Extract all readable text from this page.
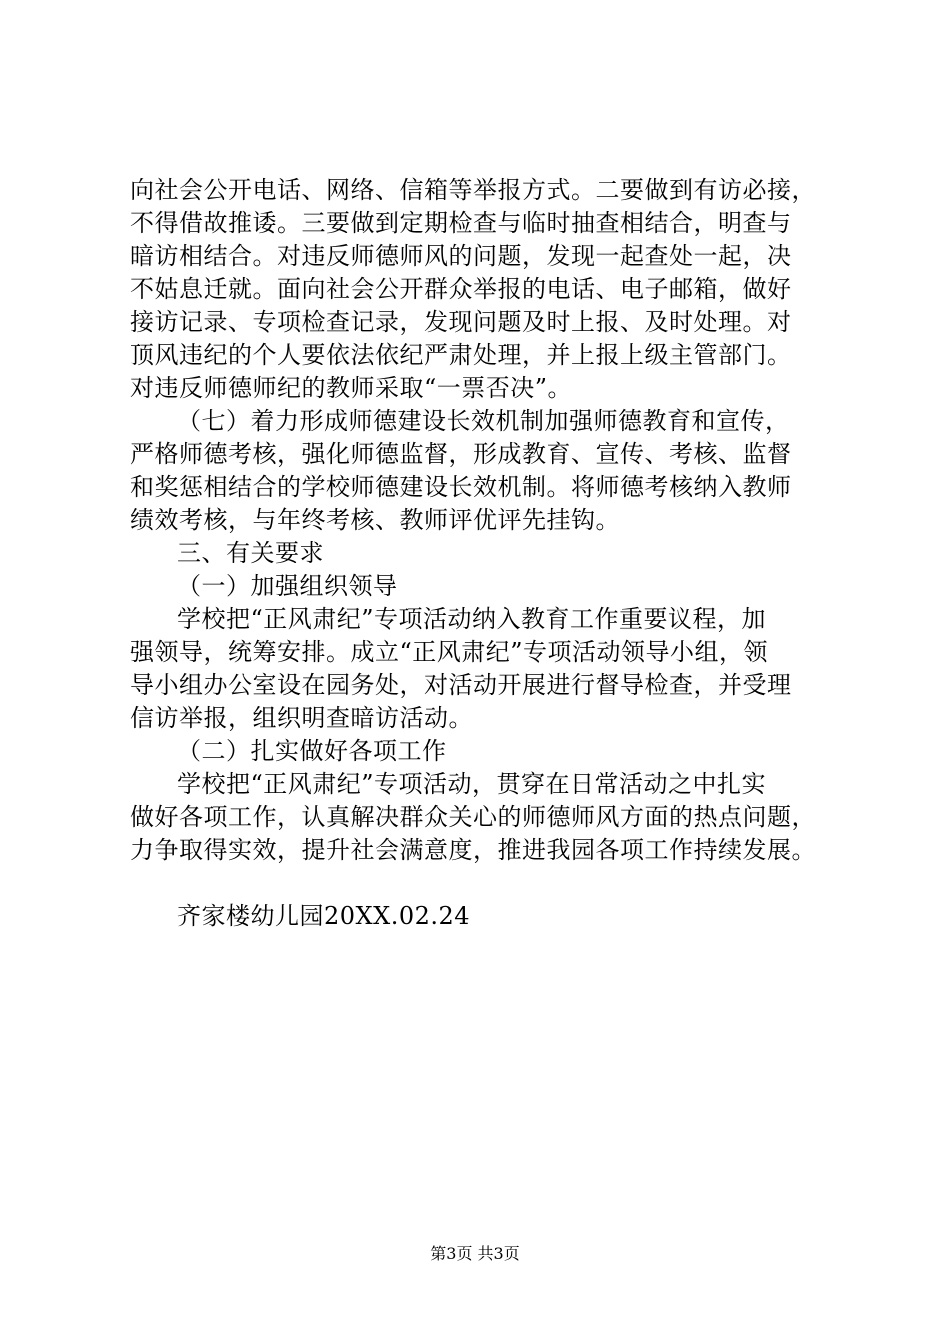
向社会公开电话、网络、信箱等举报方式。二要做到有访必接，
不得借故推诿。三要做到定期检查与临时抽查相结合，明查与
暗访相结合。对违反师德师风的问题，发现一起查处一起，决
不姑息迁就。面向社会公开群众举报的电话、电子邮箱，做好
接访记录、专项检查记录，发现问题及时上报、及时处理。对
顶风违纪的个人要依法依纪严肃处理，并上报上级主管部门。
对违反师德师纪的教师采取“一票否决”。
（七）着力形成师德建设长效机制加强师德教育和宣传，
严格师德考核，强化师德监督，形成教育、宣传、考核、监督
和奖惩相结合的学校师德建设长效机制。将师德考核纳入教师
绩效考核，与年终考核、教师评优评先挂钩。
三、有关要求
（一）加强组织领导
学校把“正风肃纪”专项活动纳入教育工作重要议程，加
强领导，统筹安排。成立“正风肃纪”专项活动领导小组，领
导小组办公室设在园务处，对活动开展进行督导检查，并受理
信访举报，组织明查暗访活动。
（二）扎实做好各项工作
学校把“正风肃纪”专项活动，贯穿在日常活动之中扎实
做好各项工作，认真解决群众关心的师德师风方面的热点问题，
力争取得实效，提升社会满意度，推进我园各项工作持续发展。
齐家楼幼儿园20XX.02.24
第3页 共3页
